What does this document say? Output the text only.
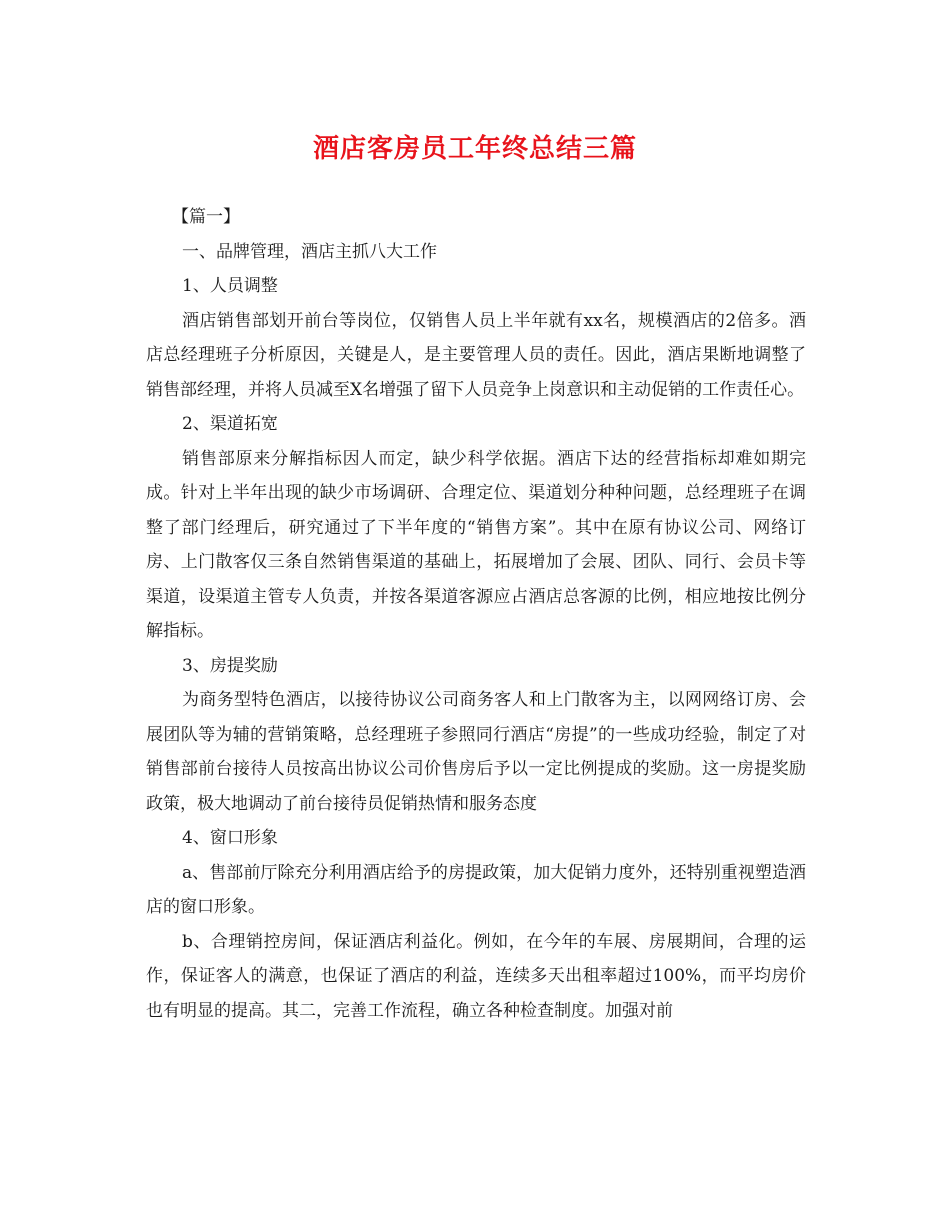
酒店客房员工年终总结三篇

【篇一】

一、品牌管理，酒店主抓八大工作

1、人员调整

酒店销售部划开前台等岗位，仅销售人员上半年就有xx名，规模酒店的2倍多。酒店总经理班子分析原因，关键是人，是主要管理人员的责任。因此，酒店果断地调整了销售部经理，并将人员减至X名增强了留下人员竞争上岗意识和主动促销的工作责任心。

2、渠道拓宽

销售部原来分解指标因人而定，缺少科学依据。酒店下达的经营指标却难如期完成。针对上半年出现的缺少市场调研、合理定位、渠道划分种种问题，总经理班子在调整了部门经理后，研究通过了下半年度的“销售方案”。其中在原有协议公司、网络订房、上门散客仅三条自然销售渠道的基础上，拓展增加了会展、团队、同行、会员卡等渠道，设渠道主管专人负责，并按各渠道客源应占酒店总客源的比例，相应地按比例分解指标。

3、房提奖励

为商务型特色酒店，以接待协议公司商务客人和上门散客为主，以网网络订房、会展团队等为辅的营销策略，总经理班子参照同行酒店“房提”的一些成功经验，制定了对销售部前台接待人员按高出协议公司价售房后予以一定比例提成的奖励。这一房提奖励政策，极大地调动了前台接待员促销热情和服务态度

4、窗口形象

a、售部前厅除充分利用酒店给予的房提政策，加大促销力度外，还特别重视塑造酒店的窗口形象。

b、合理销控房间，保证酒店利益化。例如，在今年的车展、房展期间，合理的运作，保证客人的满意，也保证了酒店的利益，连续多天出租率超过100%，而平均房价也有明显的提高。其二，完善工作流程，确立各种检查制度。加强对前
